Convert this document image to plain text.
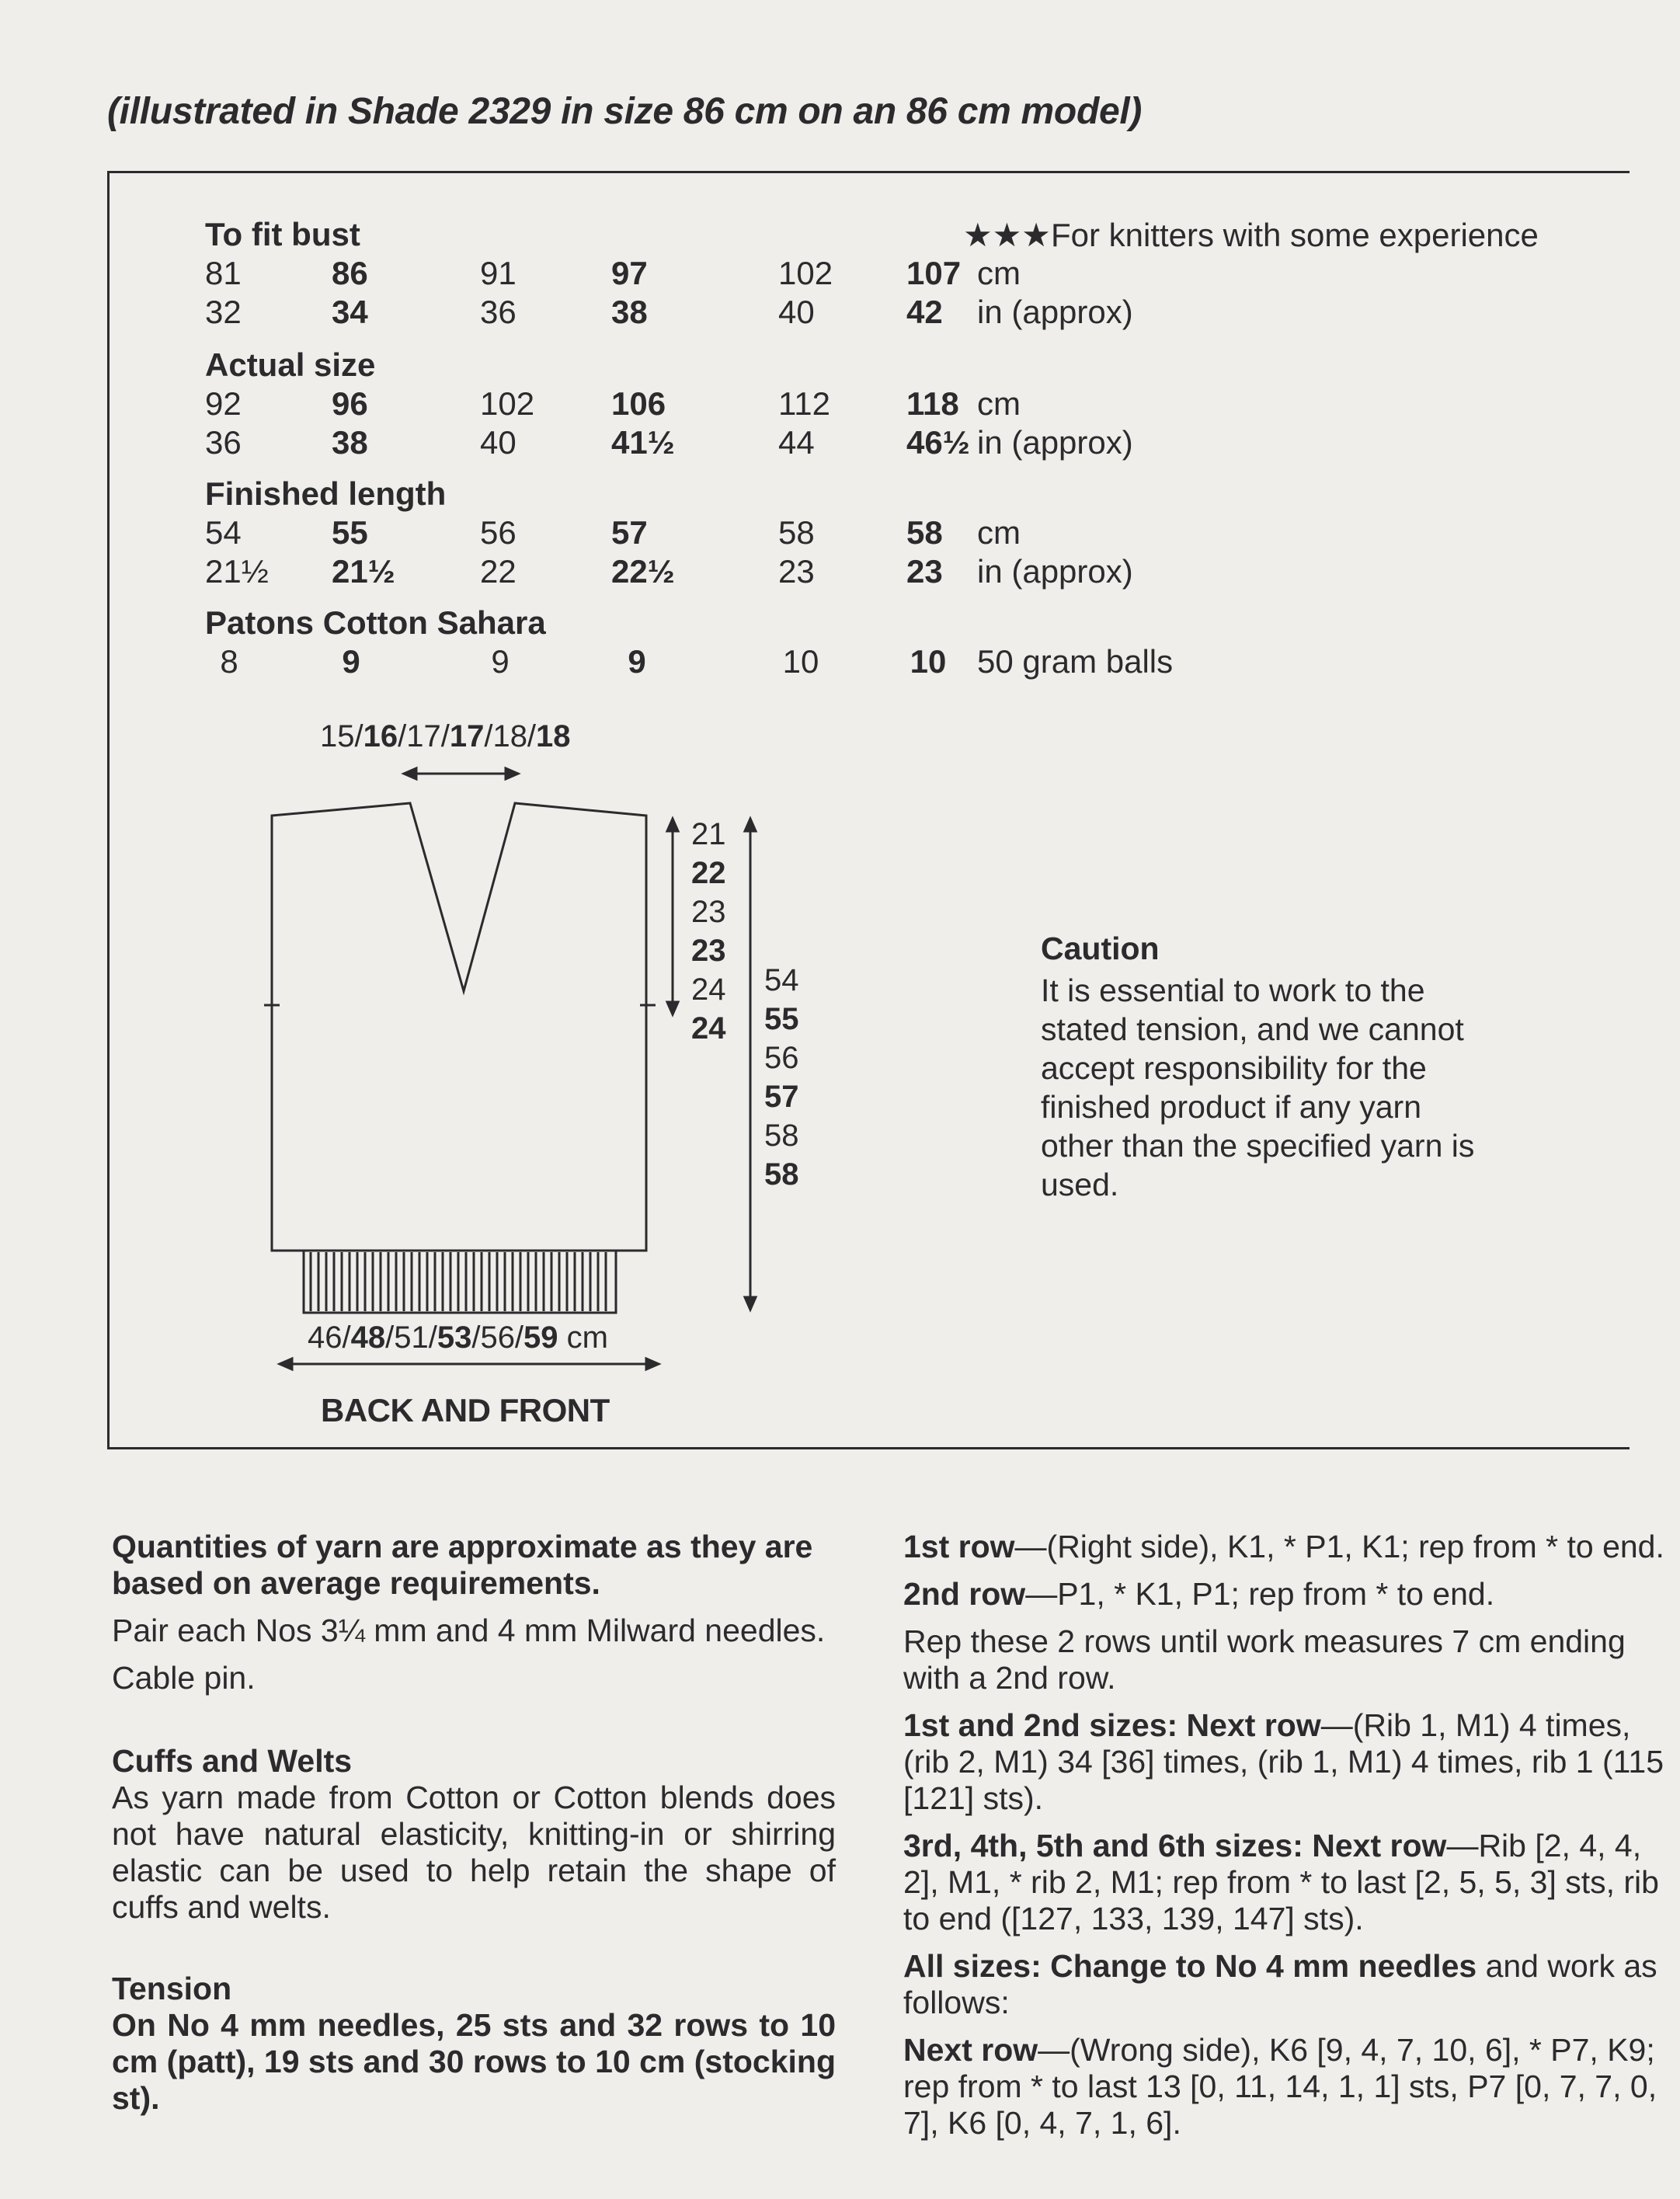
(illustrated in Shade 2329 in size 86 cm on an 86 cm model)
★★★For knitters with some experience
To fit bust
81	86	91	97	102 107 cm
32	34	36	38	40	42 in (approx)
Actual size
92	96	102 106	112 118 cm
36	38	40	41½	44	46½ in (approx)
Finished length
54	55	56	57	58	58 cm
21½ 21½	22	22½	23	23 in (approx)
Patons Cotton Sahara
8	9	9	9	10	10 50 gram balls
15/16/17/17/18/18
21
22
23
23
24
24
54
55
56
57
58
58
46/48/51/53/56/59 cm
BACK AND FRONT
Caution
It is essential to work to the stated tension, and we cannot accept responsibility for the finished product if any yarn other than the specified yarn is used.

Quantities of yarn are approximate as they are based on average requirements.

Pair each Nos 3¼ mm and 4 mm Milward needles.

Cable pin.

Cuffs and Welts

As yarn made from Cotton or Cotton blends does not have natural elasticity, knitting-in or shirring elastic can be used to help retain the shape of cuffs and welts.

Tension

On No 4 mm needles, 25 sts and 32 rows to 10 cm (patt), 19 sts and 30 rows to 10 cm (stocking st).

1st row—(Right side), K1, * P1, K1; rep from * to end.

2nd row—P1, * K1, P1; rep from * to end.

Rep these 2 rows until work measures 7 cm ending with a 2nd row.

1st and 2nd sizes: Next row—(Rib 1, M1) 4 times, (rib 2, M1) 34 [36] times, (rib 1, M1) 4 times, rib 1 (115 [121] sts).

3rd, 4th, 5th and 6th sizes: Next row—Rib [2, 4, 4, 2], M1, * rib 2, M1; rep from * to last [2, 5, 5, 3] sts, rib to end ([127, 133, 139, 147] sts).

All sizes: Change to No 4 mm needles and work as follows:

Next row—(Wrong side), K6 [9, 4, 7, 10, 6], * P7, K9; rep from * to last 13 [0, 11, 14, 1, 1] sts, P7 [0, 7, 7, 0, 7], K6 [0, 4, 7, 1, 6].
